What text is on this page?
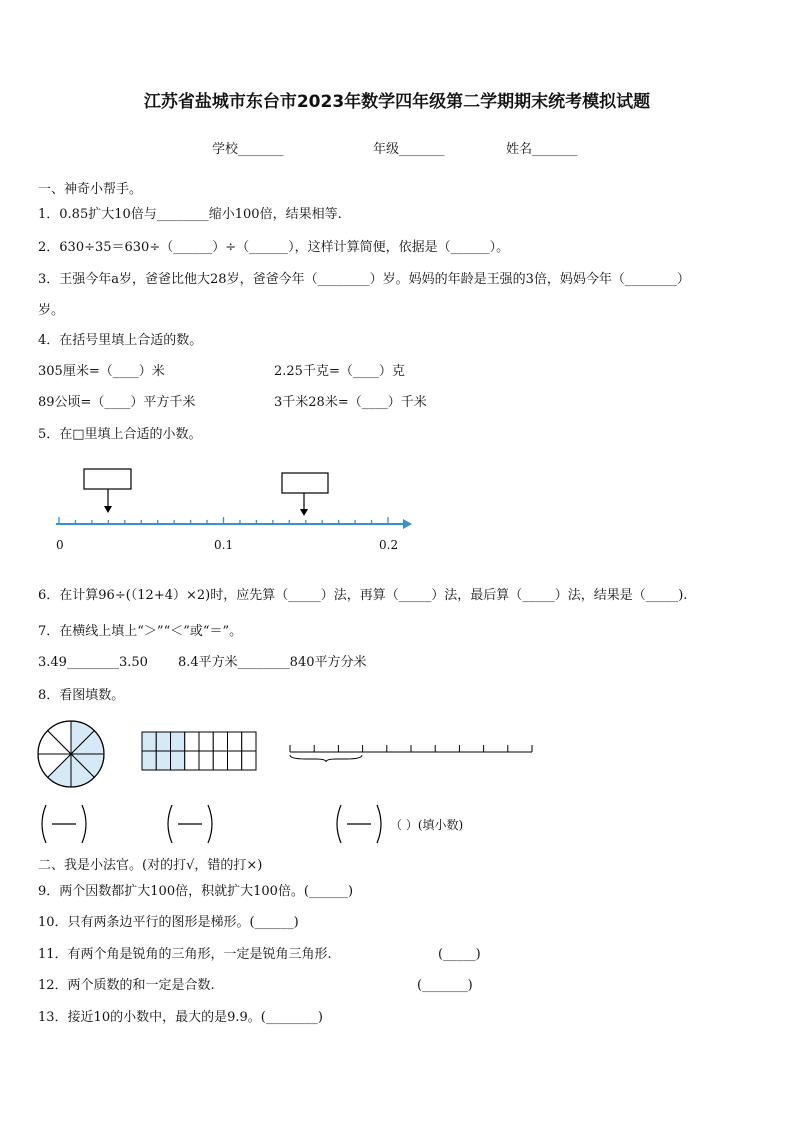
江苏省盐城市东台市2023年数学四年级第二学期期末统考模拟试题
学校_______	年级_______	姓名_______
一、神奇小帮手。
1．0.85扩大10倍与________缩小100倍，结果相等.
2．630÷35＝630÷（______）÷（______），这样计算简便，依据是（______）。
3．王强今年a岁，爸爸比他大28岁，爸爸今年（________）岁。妈妈的年龄是王强的3倍，妈妈今年（________）
岁。
4．在括号里填上合适的数。
305厘米=（____）米	2.25千克=（____）克
89公顷=（____）平方千米	3千米28米=（____）千米
5．在□里填上合适的小数。
0	0.1	0.2
6．在计算96÷(（12+4）×2)时，应先算（_____）法，再算（_____）法，最后算（_____）法，结果是（_____).
7．在横线上填上“＞”“＜”或“＝”。
3.49________3.50 8.4平方米________840平方分米
8．看图填数。
（ ）(填小数)
二、我是小法官。(对的打√，错的打×)
9．两个因数都扩大100倍，积就扩大100倍。(______)
10．只有两条边平行的图形是梯形。(______)
11．有两个角是锐角的三角形，一定是锐角三角形.	(_____)
12．两个质数的和一定是合数.	(_______)
13．接近10的小数中，最大的是9.9。(________)
